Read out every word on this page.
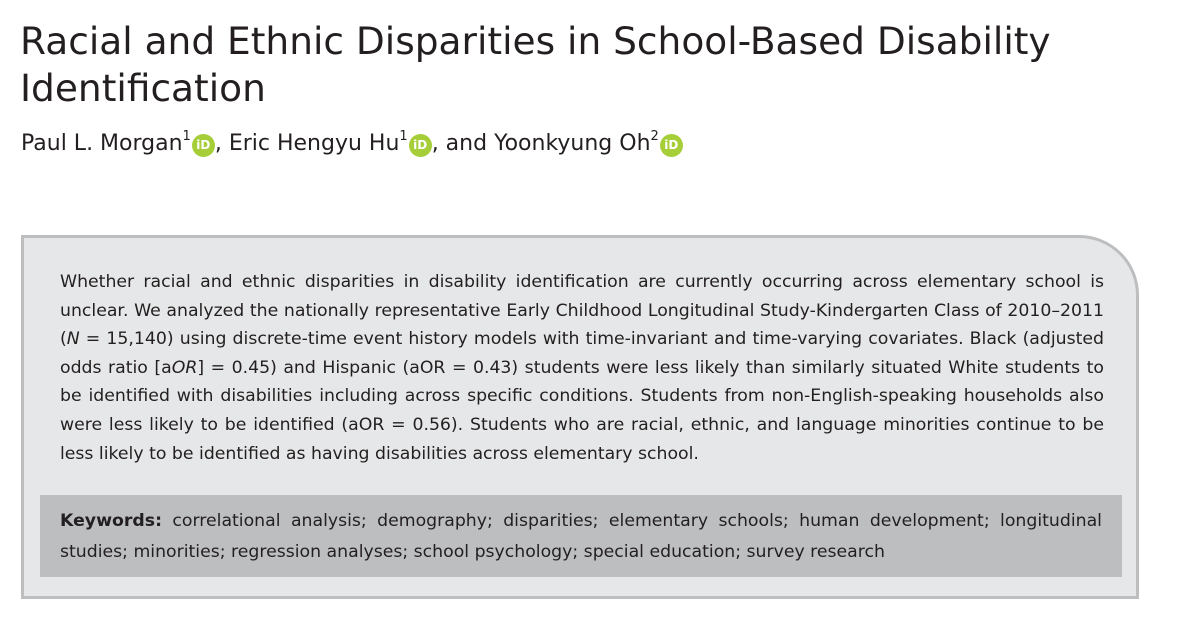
Racial and Ethnic Disparities in School-Based Disability Identification
Paul L. Morgan$^1$iD , Eric Hengyu Hu$^1$iD , and Yoonkyung Oh$^2$iD

Whether racial and ethnic disparities in disability identification are currently occurring across elementary school is unclear. We analyzed the nationally representative Early Childhood Longitudinal Study-Kindergarten Class of 2010–2011 (N = 15,140) using discrete-time event history models with time-invariant and time-varying covariates. Black (adjusted odds ratio [aOR] = 0.45) and Hispanic (aOR = 0.43) students were less likely than similarly situated White students to be identified with disabilities including across specific conditions. Students from non-English-speaking households also were less likely to be identified (aOR = 0.56). Students who are racial, ethnic, and language minorities continue to be less likely to be identified as having disabilities across elementary school.

Keywords: correlational analysis; demography; disparities; elementary schools; human development; longitudinal studies; minorities; regression analyses; school psychology; special education; survey research
